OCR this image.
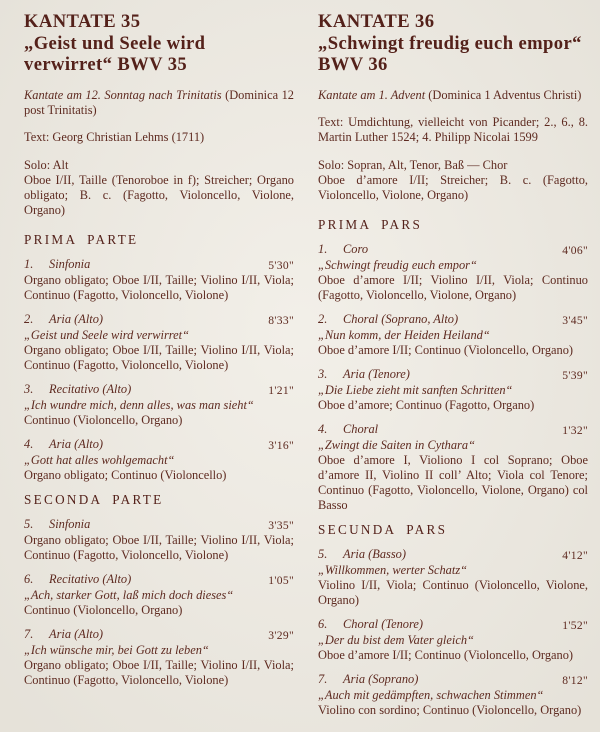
KANTATE 35
„Geist und Seele wird
verwirret“ BWV 35

Kantate am 12. Sonntag nach Trinitatis (Dominica 12 post Trinitatis)

Text: Georg Christian Lehms (1711)

Solo: Alt
Oboe I/II, Taille (Tenoroboe in f); Streicher; Organo obligato; B. c. (Fagotto, Violoncello, Violone, Organo)

PRIMA PARTE
1.	Sinfonia	5'30"
Organo obligato; Oboe I/II, Taille; Violino I/II, Viola; Continuo (Fagotto, Violoncello, Violone)
2.	Aria (Alto)	8'33"
„Geist und Seele wird verwirret“
Organo obligato; Oboe I/II, Taille; Violino I/II, Viola; Continuo (Fagotto, Violoncello, Violone)
3.	Recitativo (Alto)	1'21"
„Ich wundre mich, denn alles, was man sieht“
Continuo (Violoncello, Organo)
4.	Aria (Alto)	3'16"
„Gott hat alles wohlgemacht“
Organo obligato; Continuo (Violoncello)
SECONDA PARTE
5.	Sinfonia	3'35"
Organo obligato; Oboe I/II, Taille; Violino I/II, Viola; Continuo (Fagotto, Violoncello, Violone)
6.	Recitativo (Alto)	1'05"
„Ach, starker Gott, laß mich doch dieses“
Continuo (Violoncello, Organo)
7.	Aria (Alto)	3'29"
„Ich wünsche mir, bei Gott zu leben“
Organo obligato; Oboe I/II, Taille; Violino I/II, Viola; Continuo (Fagotto, Violoncello, Violone)
KANTATE 36
„Schwingt freudig euch empor“
BWV 36

Kantate am 1. Advent (Dominica 1 Adventus Christi)

Text: Umdichtung, vielleicht von Picander; 2., 6., 8. Martin Luther 1524; 4. Philipp Nicolai 1599

Solo: Sopran, Alt, Tenor, Baß — Chor
Oboe d’amore I/II; Streicher; B. c. (Fagotto, Violoncello, Violone, Organo)

PRIMA PARS
1.	Coro	4'06"
„Schwingt freudig euch empor“
Oboe d’amore I/II; Violino I/II, Viola; Continuo (Fagotto, Violoncello, Violone, Organo)
2.	Choral (Soprano, Alto)	3'45"
„Nun komm, der Heiden Heiland“
Oboe d’amore I/II; Continuo (Violoncello, Organo)
3.	Aria (Tenore)	5'39"
„Die Liebe zieht mit sanften Schritten“
Oboe d’amore; Continuo (Fagotto, Organo)
4.	Choral	1'32"
„Zwingt die Saiten in Cythara“
Oboe d’amore I, Violiono I col Soprano; Oboe d’amore II, Violino II coll’ Alto; Viola col Tenore; Continuo (Fagotto, Violoncello, Violone, Organo) col Basso
SECUNDA PARS
5.	Aria (Basso)	4'12"
„Willkommen, werter Schatz“
Violino I/II, Viola; Continuo (Violoncello, Violone, Organo)
6.	Choral (Tenore)	1'52"
„Der du bist dem Vater gleich“
Oboe d’amore I/II; Continuo (Violoncello, Organo)
7.	Aria (Soprano)	8'12"
„Auch mit gedämpften, schwachen Stimmen“
Violino con sordino; Continuo (Violoncello, Organo)
